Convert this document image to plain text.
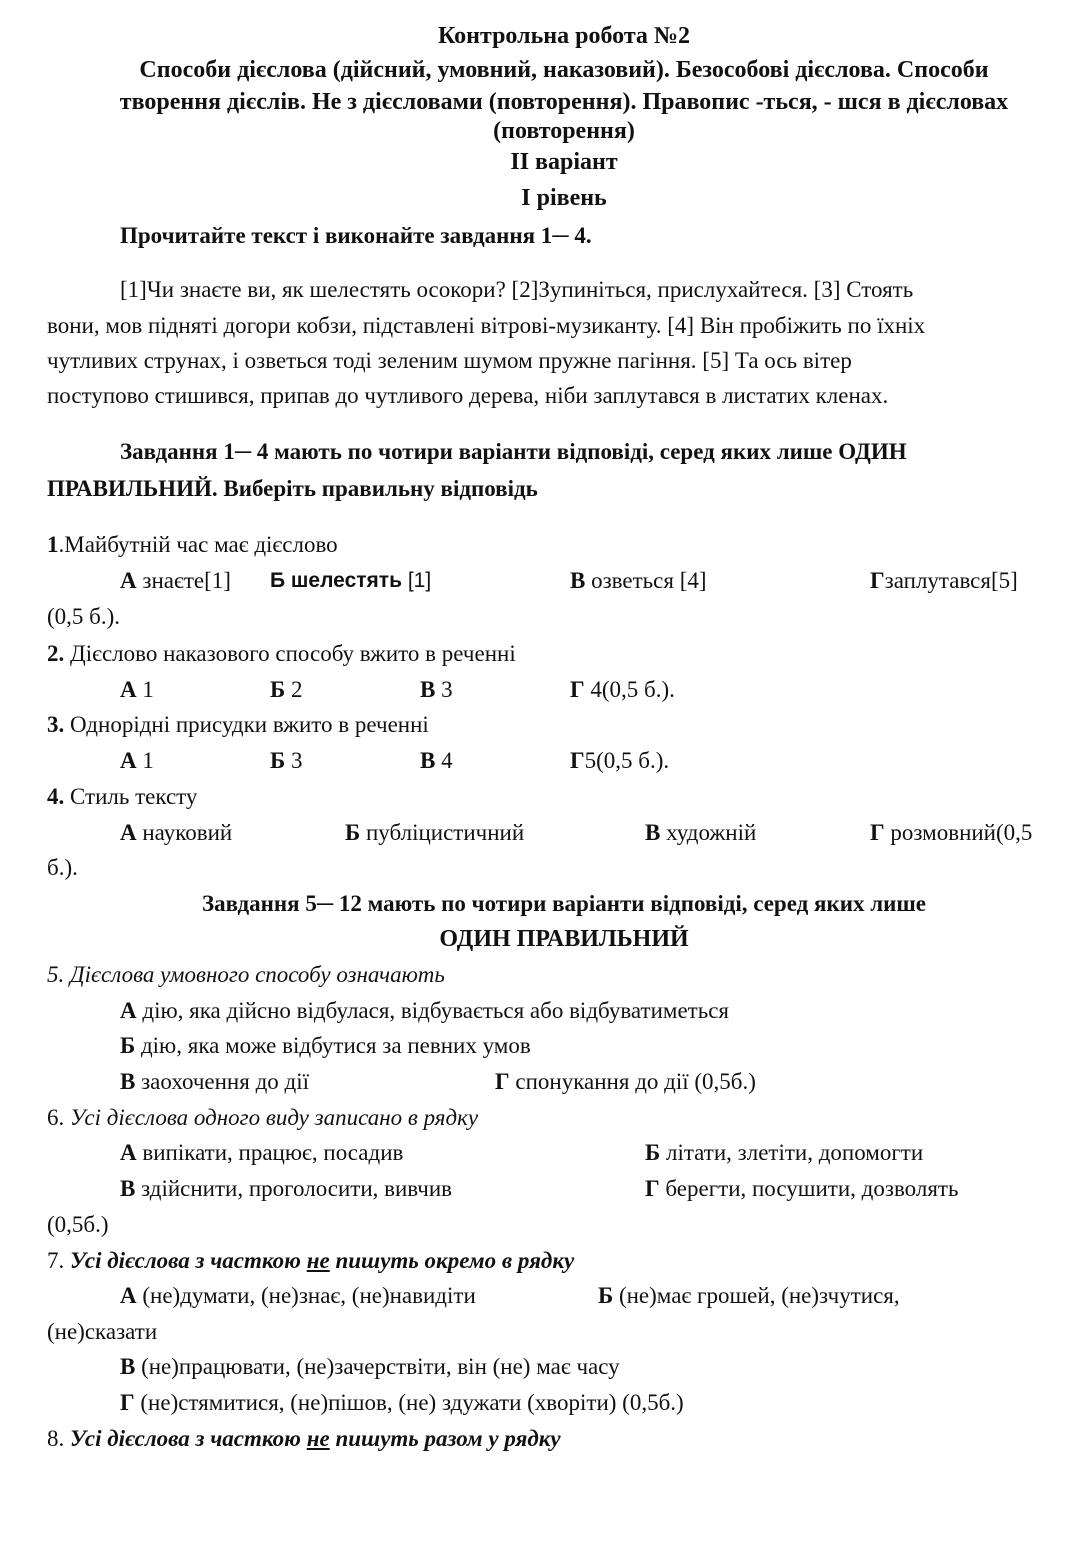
Контрольна робота №2
Способи дієслова (дійсний, умовний, наказовий). Безособові дієслова. Способи
творення дієслів. Не з дієсловами (повторення). Правопис -ться, - шся в дієсловах
(повторення)
ІІ варіант
І рівень
Прочитайте текст і виконайте завдання 1─ 4.
[1]Чи знаєте ви, як шелестять осокори? [2]Зупиніться, прислухайтеся. [3] Стоять
вони, мов підняті догори кобзи, підставлені вітрові-музиканту. [4] Він пробіжить по їхніх
чутливих струнах, і озветься тоді зеленим шумом пружне пагіння. [5] Та ось вітер
поступово стишився, припав до чутливого дерева, ніби заплутався в листатих кленах.
Завдання 1─ 4 мають по чотири варіанти відповіді, серед яких лише ОДИН
ПРАВИЛЬНИЙ. Виберіть правильну відповідь
1.Майбутній час має дієслово
А знаєте[1] Б шелестять [1]	В озветься [4]	Гзаплутався[5]
(0,5 б.).
2. Дієслово наказового способу вжито в реченні
А 1	Б 2	В 3	Г 4(0,5 б.).
3. Однорідні присудки вжито в реченні
А 1	Б 3	В 4	Г5(0,5 б.).
4. Стиль тексту
А науковий	Б публіцистичний	В художній	Г розмовний(0,5
б.).
Завдання 5─ 12 мають по чотири варіанти відповіді, серед яких лише
ОДИН ПРАВИЛЬНИЙ
5. Дієслова умовного способу означають
А дію, яка дійсно відбулася, відбувається або відбуватиметься
Б дію, яка може відбутися за певних умов
В заохочення до дії	Г спонукання до дії (0,5б.)
6. Усі дієслова одного виду записано в рядку
А випікати, працює, посадив	Б літати, злетіти, допомогти
В здійснити, проголосити, вивчив	Г берегти, посушити, дозволять
(0,5б.)
7. Усі дієслова з часткою не пишуть окремо в рядку
А (не)думати, (не)знає, (не)навидіти	Б (не)має грошей, (не)зчутися,
(не)сказати
В (не)працювати, (не)зачерствіти, він (не) має часу
Г (не)стямитися, (не)пішов, (не) здужати (хворіти) (0,5б.)
8. Усі дієслова з часткою не пишуть разом у рядку
